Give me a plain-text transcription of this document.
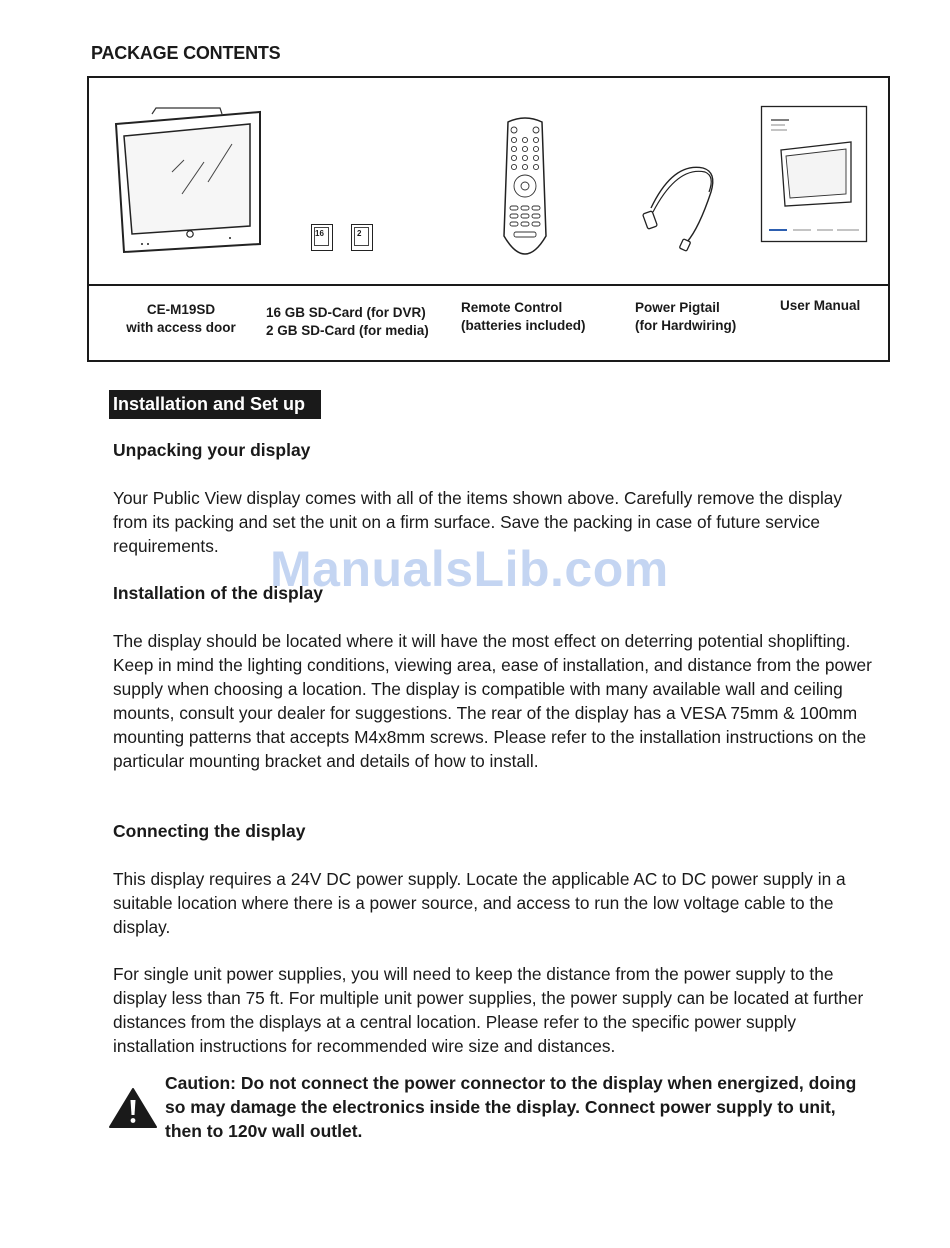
PACKAGE CONTENTS
16	2
CE-M19SD
with access door
16 GB SD-Card (for DVR)
2 GB SD-Card (for media)
Remote Control
(batteries included)
Power Pigtail
(for Hardwiring)
User Manual
Installation and Set up
Unpacking your display
Your Public View display comes with all of the items shown above. Carefully remove the display from its packing and set the unit on a firm surface. Save the packing in case of future service requirements.
Installation of the display
The display should be located where it will have the most effect on deterring potential shoplifting. Keep in mind the lighting conditions, viewing area, ease of installation, and distance from the power supply when choosing a location. The display is compatible with many available wall and ceiling mounts, consult your dealer for suggestions. The rear of the display has a VESA 75mm & 100mm mounting patterns that accepts M4x8mm screws. Please refer to the installation instructions on the particular mounting bracket and details of how to install.
Connecting the display
This display requires a 24V DC power supply. Locate the applicable AC to DC power supply in a suitable location where there is a power source, and access to run the low voltage cable to the display.
For single unit power supplies, you will need to keep the distance from the power supply to the display less than 75 ft. For multiple unit power supplies, the power supply can be located at further distances from the displays at a central location. Please refer to the specific power supply installation instructions for recommended wire size and distances.
Caution: Do not connect the power connector to the display when energized, doing so may damage the electronics inside the display. Connect power supply to unit, then to 120v wall outlet.
ManualsLib.com
